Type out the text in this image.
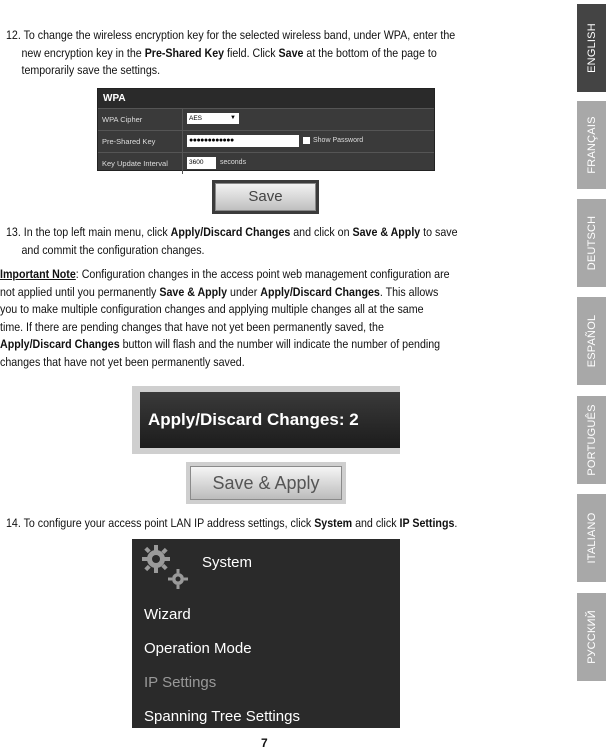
12. To change the wireless encryption key for the selected wireless band, under WPA, enter the
new encryption key in the Pre-Shared Key field. Click Save at the bottom of the page to
temporarily save the settings.
WPA
WPA Cipher	AES	▼
Pre-Shared Key	●●●●●●●●●●●●	Show Password
Key Update Interval	3600	seconds
Save
13. In the top left main menu, click Apply/Discard Changes and click on Save & Apply to save
and commit the configuration changes.
Important Note: Configuration changes in the access point web management configuration are
not applied until you permanently Save & Apply under Apply/Discard Changes. This allows
you to make multiple configuration changes and applying multiple changes all at the same
time. If there are pending changes that have not yet been permanently saved, the
Apply/Discard Changes button will flash and the number will indicate the number of pending
changes that have not yet been permanently saved.
Apply/Discard Changes: 2
Save & Apply
14. To configure your access point LAN IP address settings, click System and click IP Settings.
System
Wizard
Operation Mode
IP Settings
Spanning Tree Settings
7
ENGLISH
FRANÇAIS
DEUTSCH
ESPAÑOL
PORTUGUÊS
ITALIANO
РУССКИЙ
